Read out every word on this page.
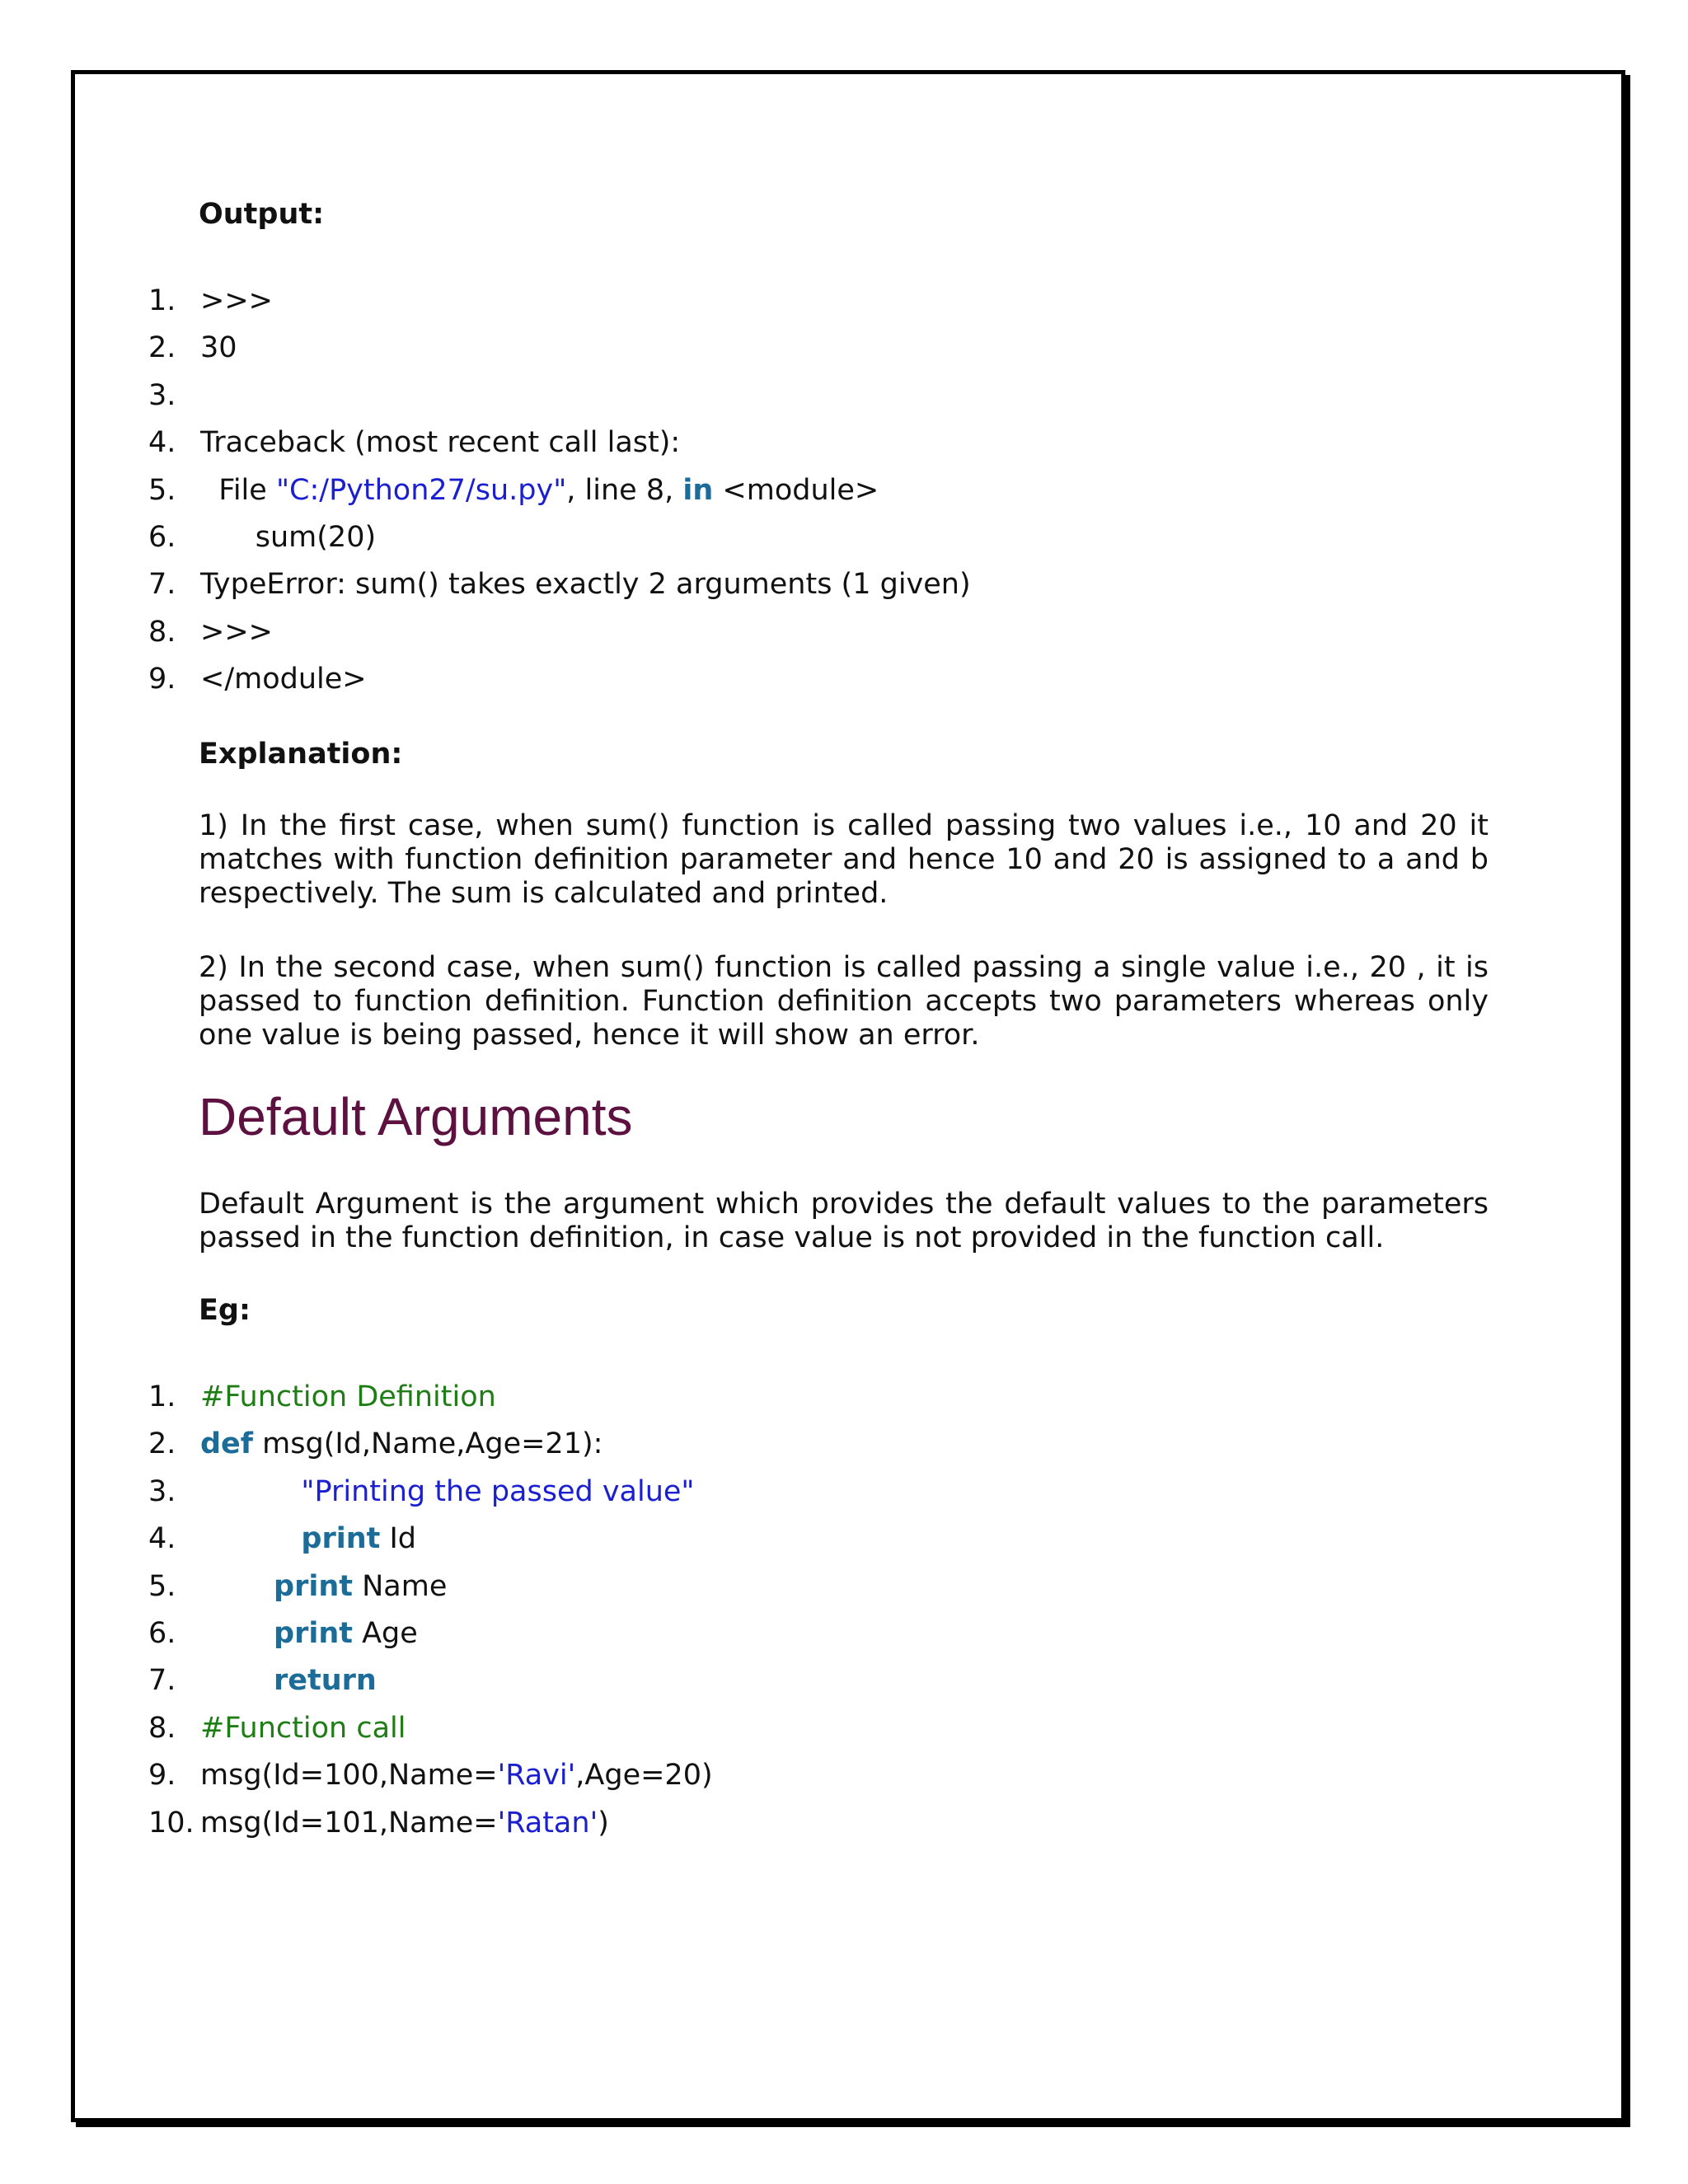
Output:
1. >>>
2. 30
3.
4. Traceback (most recent call last):
5. File "C:/Python27/su.py", line 8, in <module>
6. sum(20)
7. TypeError: sum() takes exactly 2 arguments (1 given)
8. >>>
9. </module>
Explanation:
1) In the first case, when sum() function is called passing two values i.e., 10 and 20 it matches with function definition parameter and hence 10 and 20 is assigned to a and b respectively. The sum is calculated and printed.
2) In the second case, when sum() function is called passing a single value i.e., 20 , it is passed to function definition. Function definition accepts two parameters whereas only one value is being passed, hence it will show an error.
Default Arguments
Default Argument is the argument which provides the default values to the parameters passed in the function definition, in case value is not provided in the function call.
Eg:
1. #Function Definition
2. def msg(Id,Name,Age=21):
3.	"Printing the passed value"
4.	print Id
5.	print Name
6.	print Age
7.	return
8. #Function call
9. msg(Id=100,Name='Ravi',Age=20)
10. msg(Id=101,Name='Ratan')
